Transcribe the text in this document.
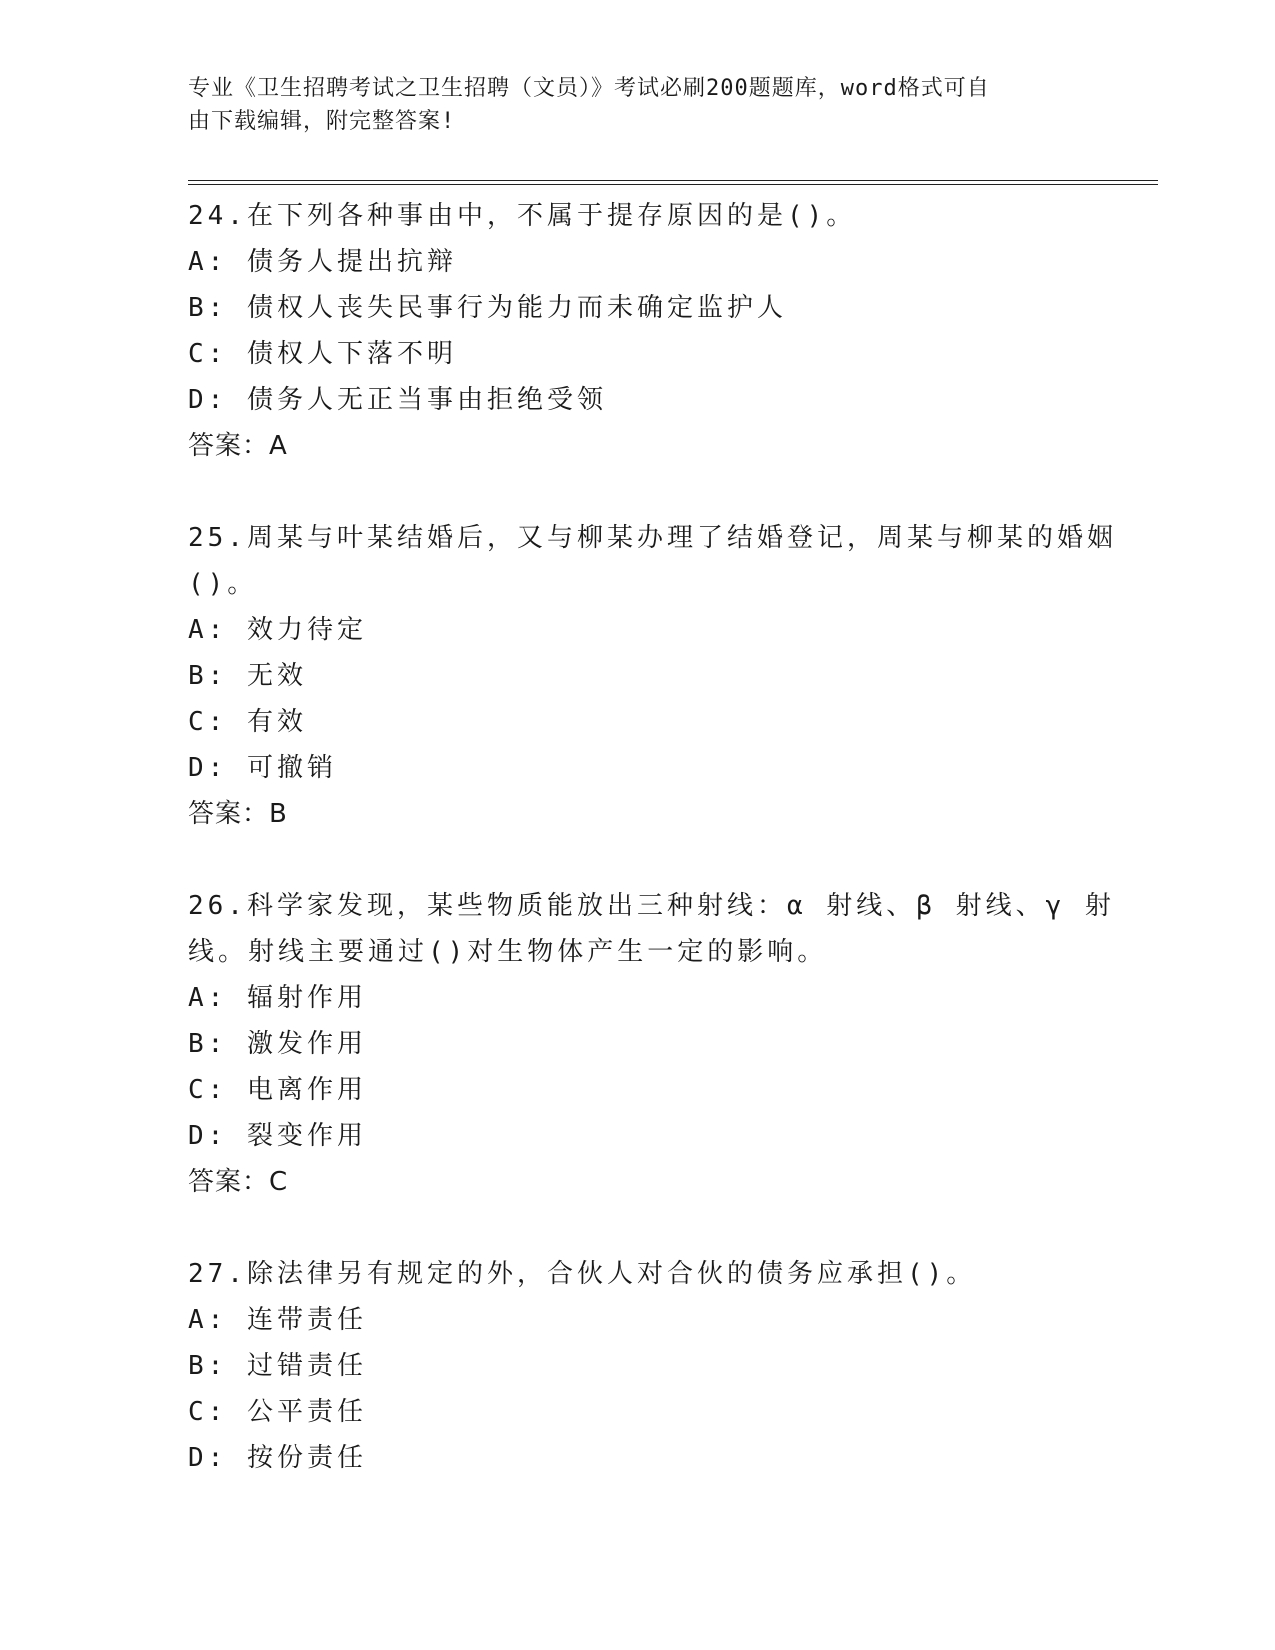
专业《卫生招聘考试之卫生招聘（文员）》考试必刷200题题库，word格式可自
由下载编辑，附完整答案!
24.在下列各种事由中，不属于提存原因的是()。
A: 债务人提出抗辩
B: 债权人丧失民事行为能力而未确定监护人
C: 债权人下落不明
D: 债务人无正当事由拒绝受领
答案：A
25.周某与叶某结婚后，又与柳某办理了结婚登记，周某与柳某的婚姻
()。
A: 效力待定
B: 无效
C: 有效
D: 可撤销
答案：B
26.科学家发现，某些物质能放出三种射线：α 射线、β 射线、γ 射
线。射线主要通过()对生物体产生一定的影响。
A: 辐射作用
B: 激发作用
C: 电离作用
D: 裂变作用
答案：C
27.除法律另有规定的外，合伙人对合伙的债务应承担()。
A: 连带责任
B: 过错责任
C: 公平责任
D: 按份责任
